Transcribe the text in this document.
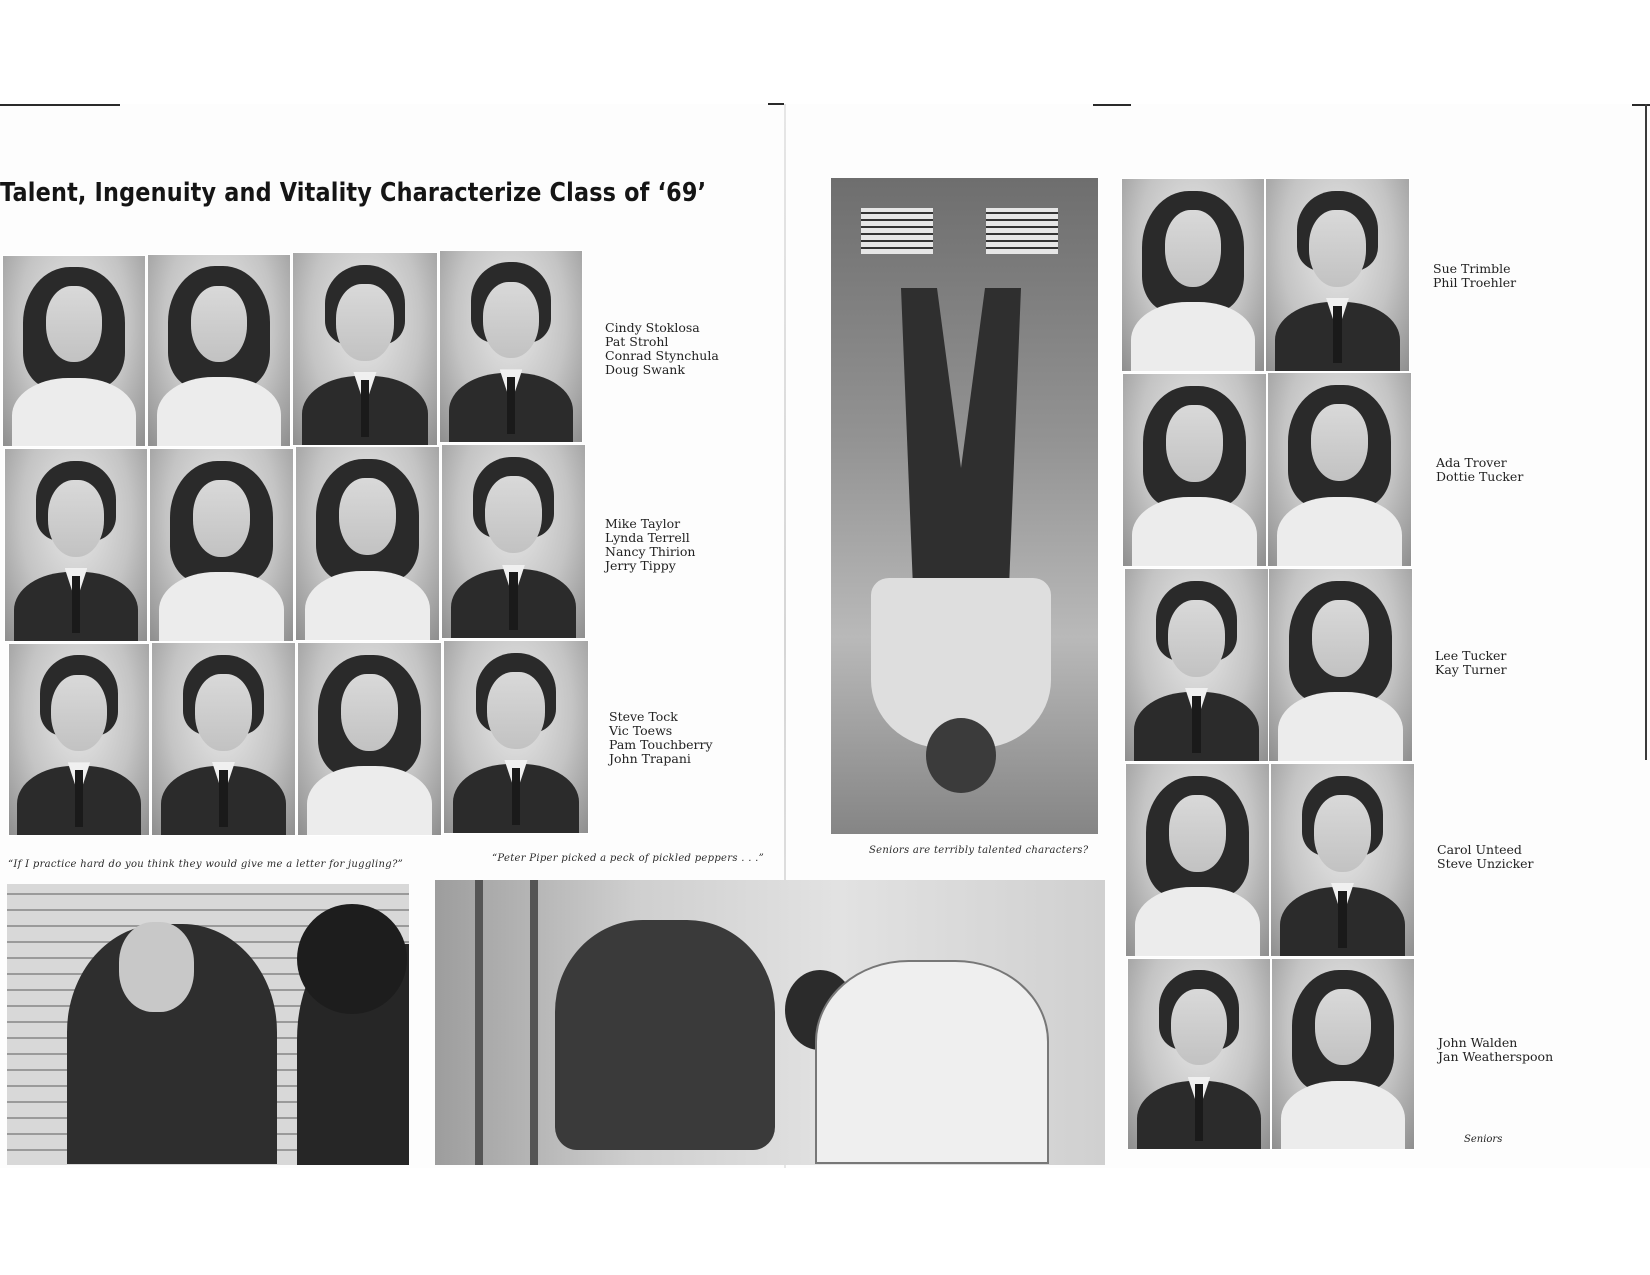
Talent, Ingenuity and Vitality Characterize Class of ‘69’
Cindy Stoklosa
Pat Strohl
Conrad Stynchula
Doug Swank
Mike Taylor
Lynda Terrell
Nancy Thirion
Jerry Tippy
Steve Tock
Vic Toews
Pam Touchberry
John Trapani
“If I practice hard do you think they would give me a letter for juggling?”
“Peter Piper picked a peck of pickled peppers . . .”
Seniors are terribly talented characters?
Sue Trimble
Phil Troehler
Ada Trover
Dottie Tucker
Lee Tucker
Kay Turner
Carol Unteed
Steve Unzicker
John Walden
Jan Weatherspoon
Seniors
